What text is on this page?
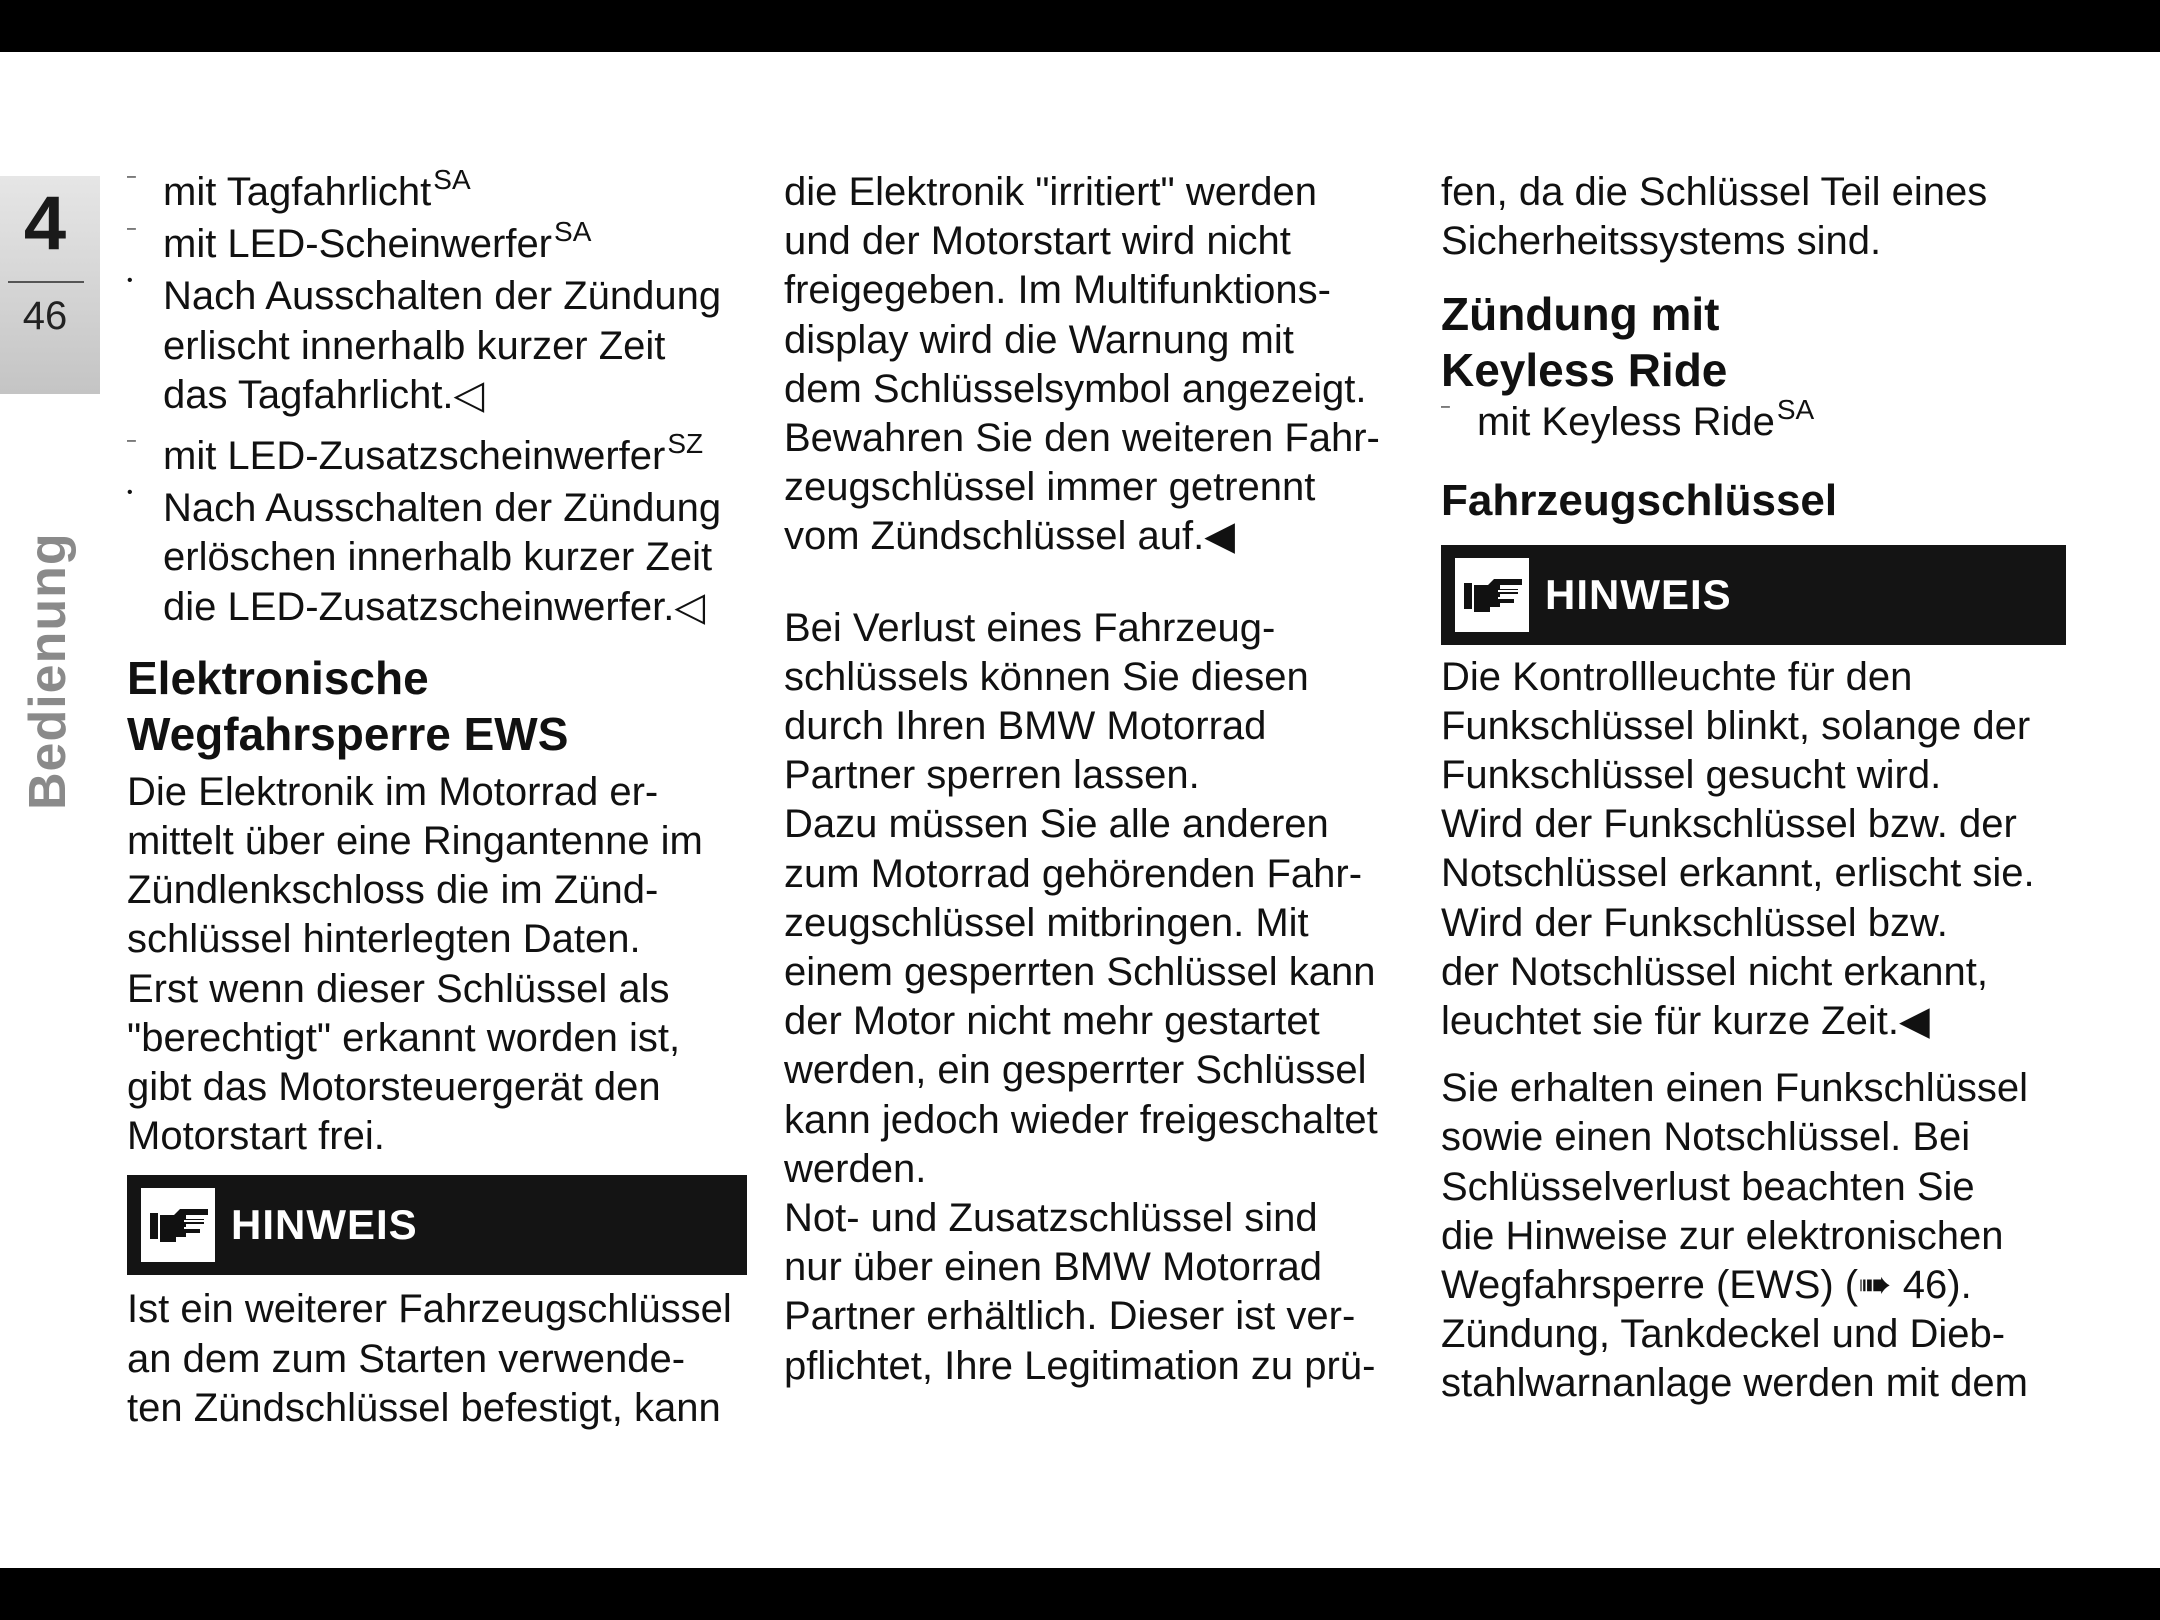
4
46
Bedienung
– mit Tagfahrlicht$^{SA}$
– mit LED-Scheinwerfer$^{SA}$
• Nach Ausschalten der Zündung
erlischt innerhalb kurzer Zeit
das Tagfahrlicht.◁
– mit LED-Zusatzscheinwerfer$^{SZ}$
• Nach Ausschalten der Zündung
erlöschen innerhalb kurzer Zeit
die LED-Zusatzscheinwerfer.◁
Elektronische
Wegfahrsperre EWS
Die Elektronik im Motorrad er-
mittelt über eine Ringantenne im
Zündlenkschloss die im Zünd-
schlüssel hinterlegten Daten.
Erst wenn dieser Schlüssel als
"berechtigt" erkannt worden ist,
gibt das Motorsteuergerät den
Motorstart frei.
HINWEIS
Ist ein weiterer Fahrzeugschlüssel
an dem zum Starten verwende-
ten Zündschlüssel befestigt, kann
die Elektronik "irritiert" werden
und der Motorstart wird nicht
freigegeben. Im Multifunktions-
display wird die Warnung mit
dem Schlüsselsymbol angezeigt.
Bewahren Sie den weiteren Fahr-
zeugschlüssel immer getrennt
vom Zündschlüssel auf.◀
Bei Verlust eines Fahrzeug-
schlüssels können Sie diesen
durch Ihren BMW Motorrad
Partner sperren lassen.
Dazu müssen Sie alle anderen
zum Motorrad gehörenden Fahr-
zeugschlüssel mitbringen. Mit
einem gesperrten Schlüssel kann
der Motor nicht mehr gestartet
werden, ein gesperrter Schlüssel
kann jedoch wieder freigeschaltet
werden.
Not- und Zusatzschlüssel sind
nur über einen BMW Motorrad
Partner erhältlich. Dieser ist ver-
pflichtet, Ihre Legitimation zu prü-
fen, da die Schlüssel Teil eines
Sicherheitssystems sind.
Zündung mit
Keyless Ride
– mit Keyless Ride$^{SA}$
Fahrzeugschlüssel
HINWEIS
Die Kontrollleuchte für den
Funkschlüssel blinkt, solange der
Funkschlüssel gesucht wird.
Wird der Funkschlüssel bzw. der
Notschlüssel erkannt, erlischt sie.
Wird der Funkschlüssel bzw.
der Notschlüssel nicht erkannt,
leuchtet sie für kurze Zeit.◀
Sie erhalten einen Funkschlüssel
sowie einen Notschlüssel. Bei
Schlüsselverlust beachten Sie
die Hinweise zur elektronischen
Wegfahrsperre (EWS) (➠ 46).
Zündung, Tankdeckel und Dieb-
stahlwarnanlage werden mit dem
